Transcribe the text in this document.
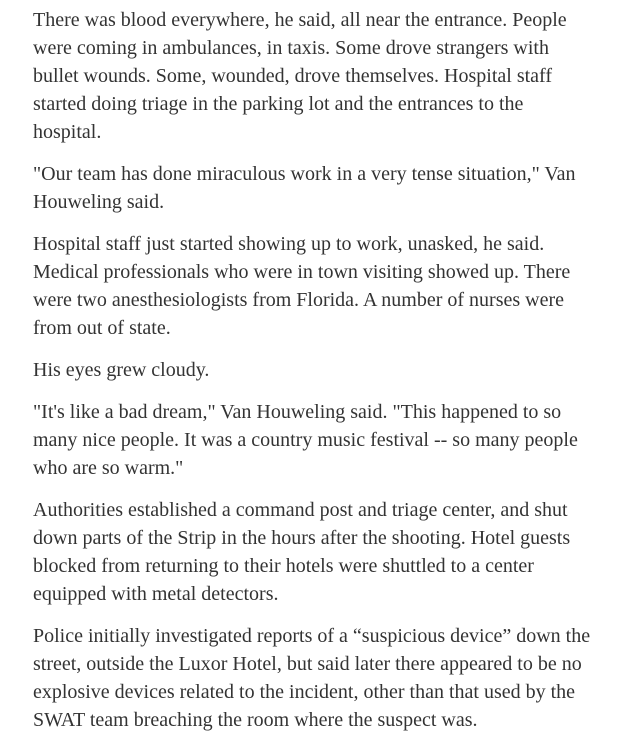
There was blood everywhere, he said, all near the entrance. People were coming in ambulances, in taxis. Some drove strangers with bullet wounds. Some, wounded, drove themselves. Hospital staff started doing triage in the parking lot and the entrances to the hospital.

"Our team has done miraculous work in a very tense situation," Van Houweling said.

Hospital staff just started showing up to work, unasked, he said. Medical professionals who were in town visiting showed up. There were two anesthesiologists from Florida. A number of nurses were from out of state.

His eyes grew cloudy.

"It's like a bad dream," Van Houweling said. "This happened to so many nice people. It was a country music festival -- so many people who are so warm."

Authorities established a command post and triage center, and shut down parts of the Strip in the hours after the shooting. Hotel guests blocked from returning to their hotels were shuttled to a center equipped with metal detectors.

Police initially investigated reports of a “suspicious device” down the street, outside the Luxor Hotel, but said later there appeared to be no explosive devices related to the incident, other than that used by the SWAT team breaching the room where the suspect was.
